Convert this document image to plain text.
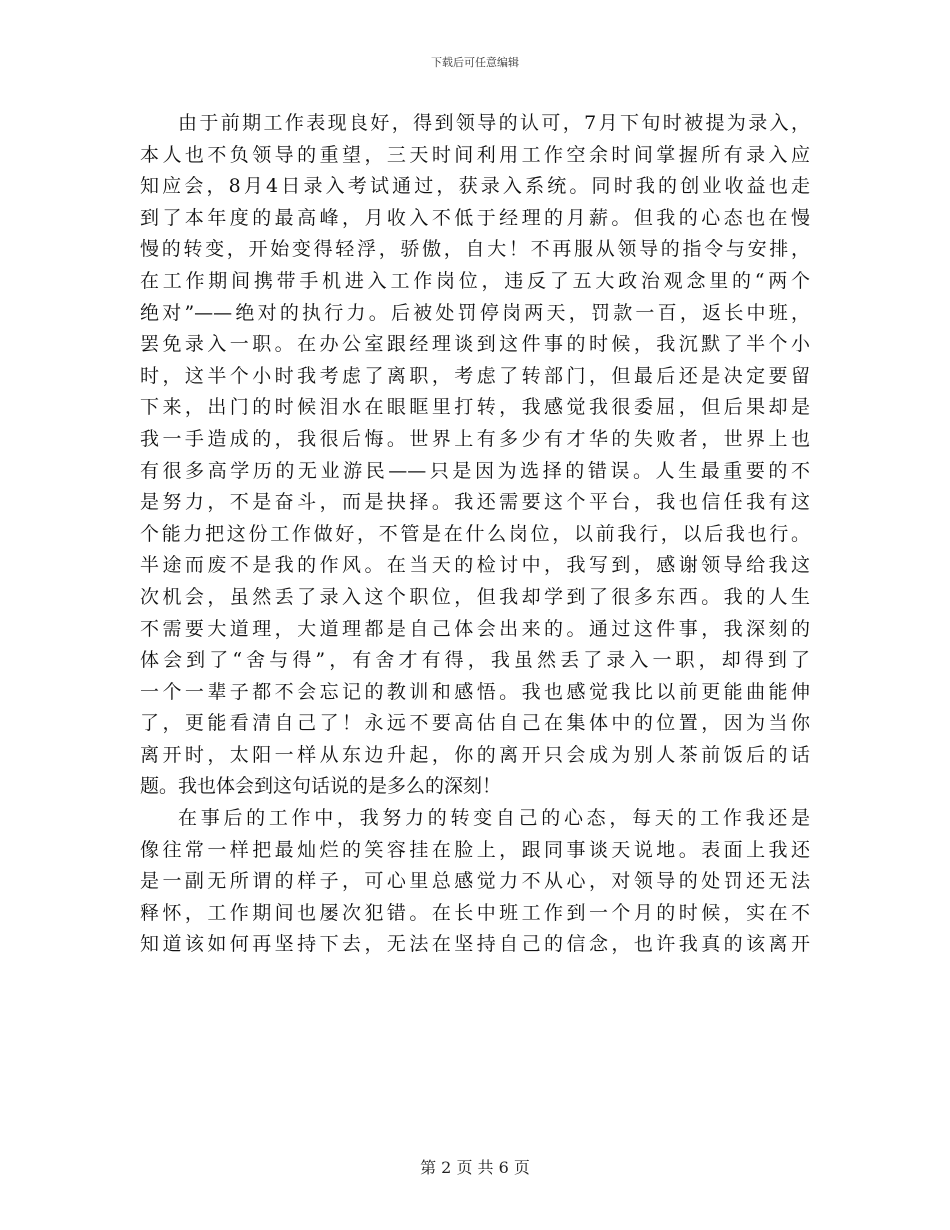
下载后可任意编辑
由于前期工作表现良好，得到领导的认可，7月下旬时被提为录入，
本人也不负领导的重望，三天时间利用工作空余时间掌握所有录入应
知应会，8月4日录入考试通过，获录入系统。同时我的创业收益也走
到了本年度的最高峰，月收入不低于经理的月薪。但我的心态也在慢
慢的转变，开始变得轻浮，骄傲，自大！不再服从领导的指令与安排，
在工作期间携带手机进入工作岗位，违反了五大政治观念里的“两个
绝对”——绝对的执行力。后被处罚停岗两天，罚款一百，返长中班，
罢免录入一职。在办公室跟经理谈到这件事的时候，我沉默了半个小
时，这半个小时我考虑了离职，考虑了转部门，但最后还是决定要留
下来，出门的时候泪水在眼眶里打转，我感觉我很委屈，但后果却是
我一手造成的，我很后悔。世界上有多少有才华的失败者，世界上也
有很多高学历的无业游民——只是因为选择的错误。人生最重要的不
是努力，不是奋斗，而是抉择。我还需要这个平台，我也信任我有这
个能力把这份工作做好，不管是在什么岗位，以前我行，以后我也行。
半途而废不是我的作风。在当天的检讨中，我写到，感谢领导给我这
次机会，虽然丢了录入这个职位，但我却学到了很多东西。我的人生
不需要大道理，大道理都是自己体会出来的。通过这件事，我深刻的
体会到了“舍与得”，有舍才有得，我虽然丢了录入一职，却得到了
一个一辈子都不会忘记的教训和感悟。我也感觉我比以前更能曲能伸
了，更能看清自己了！永远不要高估自己在集体中的位置，因为当你
离开时，太阳一样从东边升起，你的离开只会成为别人茶前饭后的话
题。我也体会到这句话说的是多么的深刻！
在事后的工作中，我努力的转变自己的心态，每天的工作我还是
像往常一样把最灿烂的笑容挂在脸上，跟同事谈天说地。表面上我还
是一副无所谓的样子，可心里总感觉力不从心，对领导的处罚还无法
释怀，工作期间也屡次犯错。在长中班工作到一个月的时候，实在不
知道该如何再坚持下去，无法在坚持自己的信念，也许我真的该离开
第 2 页 共 6 页
